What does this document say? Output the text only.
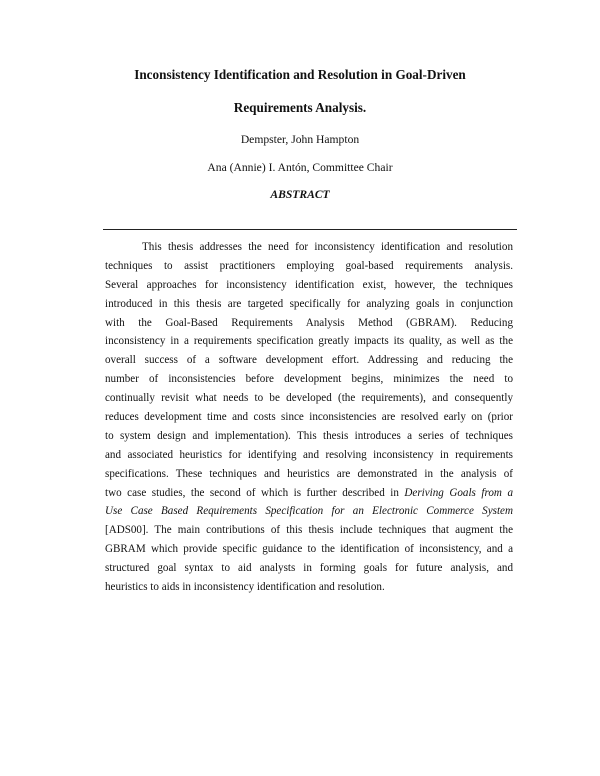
Inconsistency Identification and Resolution in Goal-Driven
Requirements Analysis.
Dempster, John Hampton
Ana (Annie) I. Antón, Committee Chair
ABSTRACT
This thesis addresses the need for inconsistency identification and resolution
techniques to assist practitioners employing goal-based requirements analysis.
Several approaches for inconsistency identification exist, however, the techniques
introduced in this thesis are targeted specifically for analyzing goals in conjunction
with the Goal-Based Requirements Analysis Method (GBRAM). Reducing
inconsistency in a requirements specification greatly impacts its quality, as well as the
overall success of a software development effort. Addressing and reducing the
number of inconsistencies before development begins, minimizes the need to
continually revisit what needs to be developed (the requirements), and consequently
reduces development time and costs since inconsistencies are resolved early on (prior
to system design and implementation). This thesis introduces a series of techniques
and associated heuristics for identifying and resolving inconsistency in requirements
specifications. These techniques and heuristics are demonstrated in the analysis of
two case studies, the second of which is further described in Deriving Goals from a
Use Case Based Requirements Specification for an Electronic Commerce System
[ADS00]. The main contributions of this thesis include techniques that augment the
GBRAM which provide specific guidance to the identification of inconsistency, and a
structured goal syntax to aid analysts in forming goals for future analysis, and
heuristics to aids in inconsistency identification and resolution.
